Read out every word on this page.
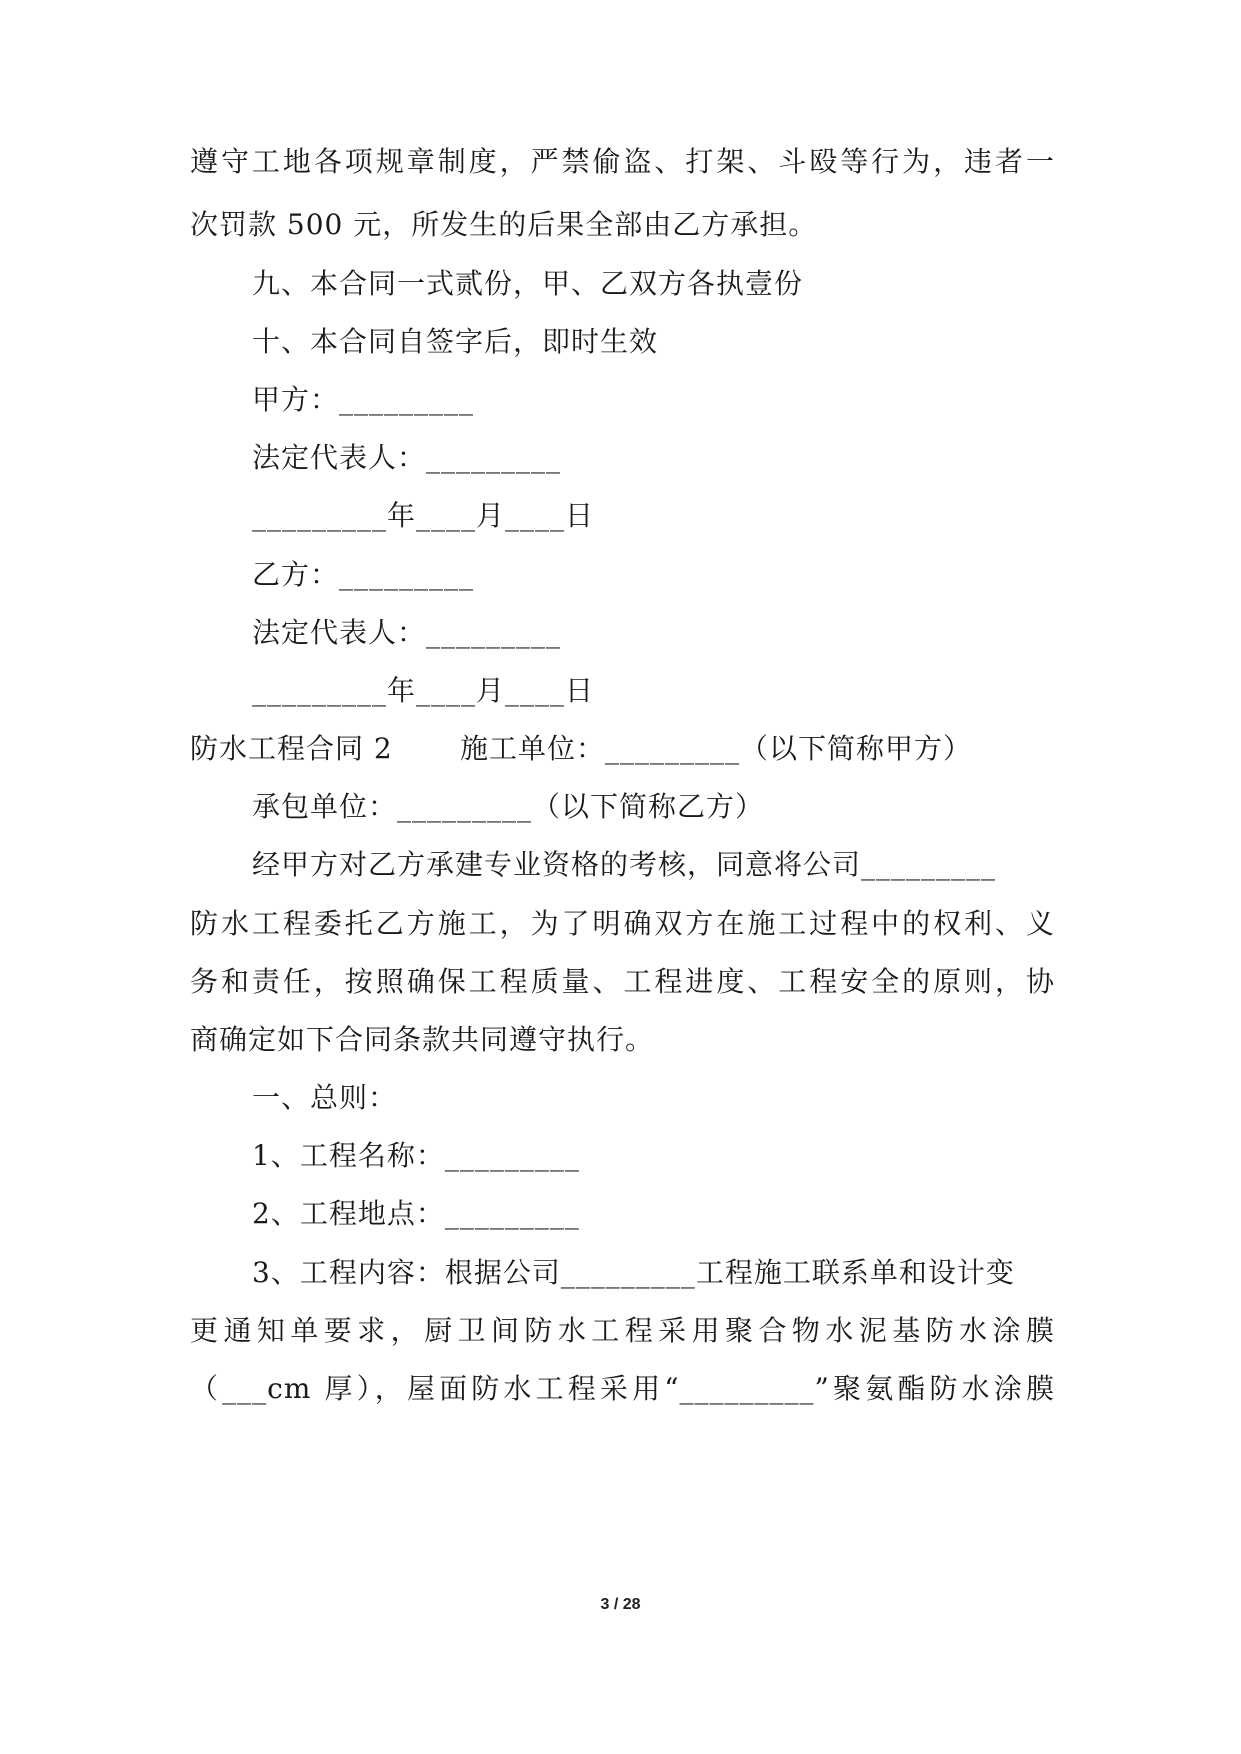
遵守工地各项规章制度，严禁偷盗、打架、斗殴等行为，违者一
次罚款 500 元，所发生的后果全部由乙方承担。
九、本合同一式贰份，甲、乙双方各执壹份
十、本合同自签字后，即时生效
甲方：_________
法定代表人：_________
_________年____月____日
乙方：_________
法定代表人：_________
_________年____月____日
防水工程合同 2 施工单位：_________（以下简称甲方）
承包单位：_________（以下简称乙方）
经甲方对乙方承建专业资格的考核，同意将公司_________
防水工程委托乙方施工，为了明确双方在施工过程中的权利、义
务和责任，按照确保工程质量、工程进度、工程安全的原则，协
商确定如下合同条款共同遵守执行。
一、总则：
1、工程名称：_________
2、工程地点：_________
3、工程内容：根据公司_________工程施工联系单和设计变
更通知单要求，厨卫间防水工程采用聚合物水泥基防水涂膜
（___cm 厚），屋面防水工程采用“_________”聚氨酯防水涂膜
3 / 28
